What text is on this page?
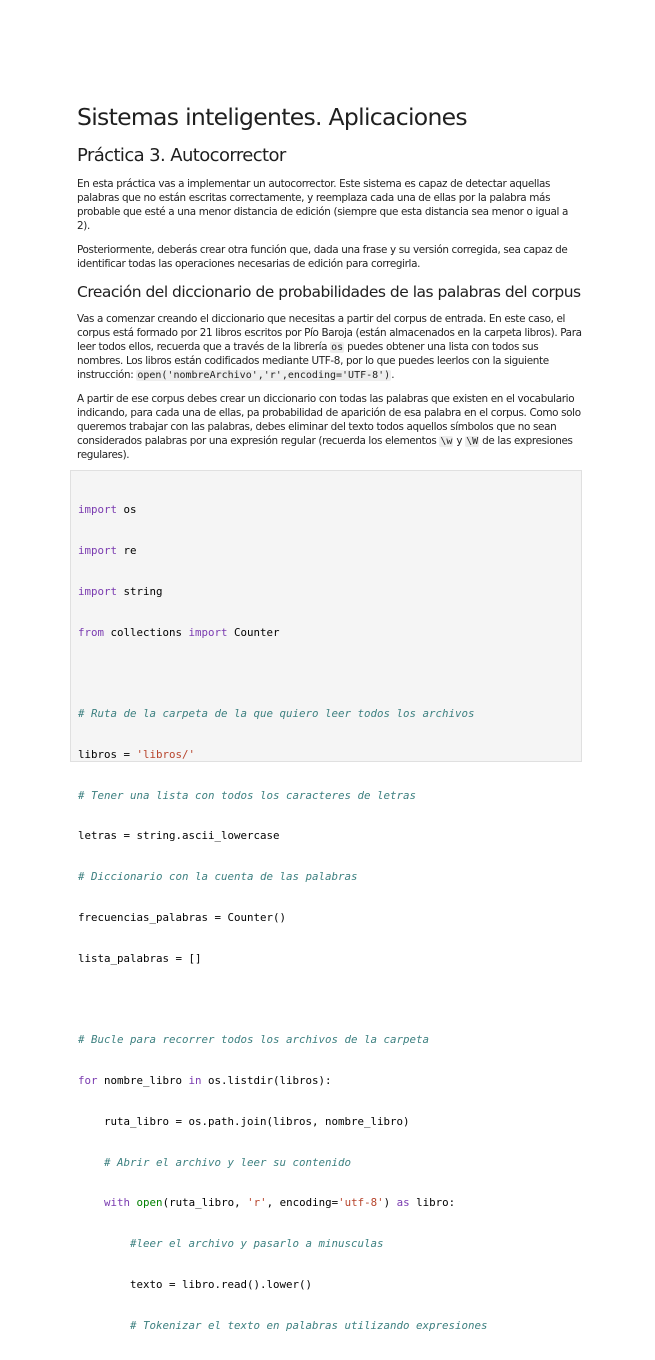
Sistemas inteligentes. Aplicaciones
Práctica 3. Autocorrector

En esta práctica vas a implementar un autocorrector. Este sistema es capaz de detectar aquellas palabras que no están escritas correctamente, y reemplaza cada una de ellas por la palabra más probable que esté a una menor distancia de edición (siempre que esta distancia sea menor o igual a 2).

Posteriormente, deberás crear otra función que, dada una frase y su versión corregida, sea capaz de identificar todas las operaciones necesarias de edición para corregirla.

Creación del diccionario de probabilidades de las palabras del corpus

Vas a comenzar creando el diccionario que necesitas a partir del corpus de entrada. En este caso, el corpus está formado por 21 libros escritos por Pío Baroja (están almacenados en la carpeta libros). Para leer todos ellos, recuerda que a través de la librería os puedes obtener una lista con todos sus nombres. Los libros están codificados mediante UTF-8, por lo que puedes leerlos con la siguiente instrucción: open('nombreArchivo','r',encoding='UTF-8').

A partir de ese corpus debes crear un diccionario con todas las palabras que existen en el vocabulario indicando, para cada una de ellas, pa probabilidad de aparición de esa palabra en el corpus. Como solo queremos trabajar con las palabras, debes eliminar del texto todos aquellos símbolos que no sean considerados palabras por una expresión regular (recuerda los elementos \w y \W de las expresiones regulares).

import os

import re

import string

from collections import Counter

# Ruta de la carpeta de la que quiero leer todos los archivos

libros = 'libros/'

# Tener una lista con todos los caracteres de letras

letras = string.ascii_lowercase

# Diccionario con la cuenta de las palabras

frecuencias_palabras = Counter()

lista_palabras = []

# Bucle para recorrer todos los archivos de la carpeta

for nombre_libro in os.listdir(libros):

ruta_libro = os.path.join(libros, nombre_libro)

# Abrir el archivo y leer su contenido

with open(ruta_libro, 'r', encoding='utf-8') as libro:

#leer el archivo y pasarlo a minusculas

texto = libro.read().lower()

# Tokenizar el texto en palabras utilizando expresiones
